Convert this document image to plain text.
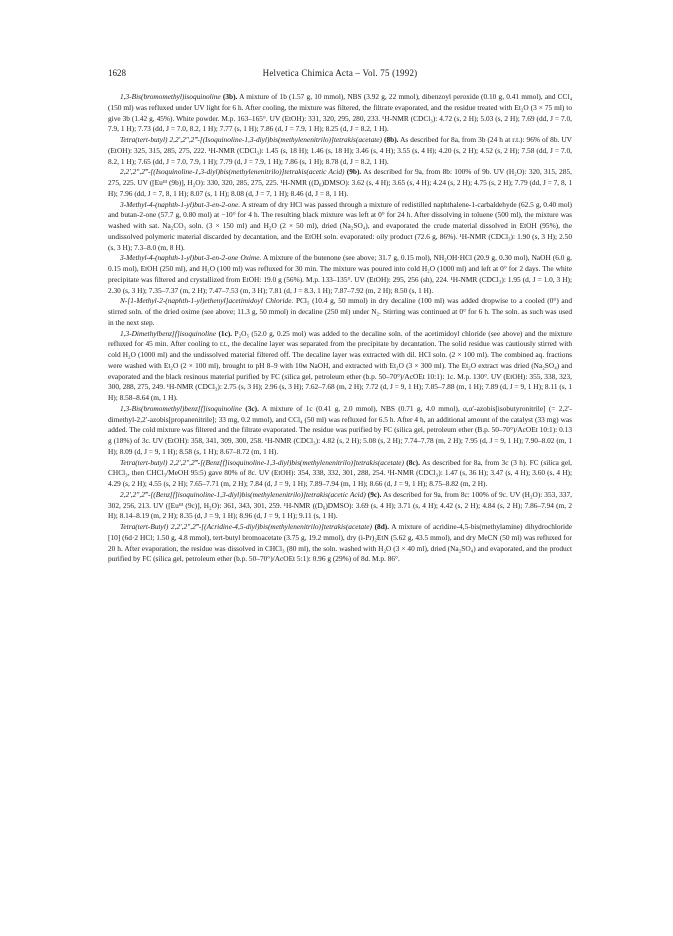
1628	Helvetica Chimica Acta – Vol. 75 (1992)

1,3-Bis(bromomethyl)isoquinoline (3b). A mixture of 1b (1.57 g, 10 mmol), NBS (3.92 g, 22 mmol), dibenzoyl peroxide (0.10 g, 0.41 mmol), and CCl₄ (150 ml) was refluxed under UV light for 6 h. After cooling, the mixture was filtered, the filtrate evaporated, and the residue treated with Et₂O (3 × 75 ml) to give 3b (1.42 g, 45%). White powder. M.p. 163–165°. UV (EtOH): 331, 320, 295, 280, 233. ¹H-NMR (CDCl₃): 4.72 (s, 2 H); 5.03 (s, 2 H); 7.69 (dd, J = 7.0, 7.9, 1 H); 7.73 (dd, J = 7.0, 8.2, 1 H); 7.77 (s, 1 H); 7.86 (d, J = 7.9, 1 H); 8.25 (d, J = 8.2, 1 H).

Tetra(tert-butyl) 2,2′,2″,2‴-[(Isoquinoline-1,3-diyl)bis(methylenenitrilo)]tetrakis(acetate) (8b). As described for 8a, from 3b (24 h at r.t.): 96% of 8b. UV (EtOH): 325, 315, 285, 275, 222. ¹H-NMR (CDCl₃): 1.45 (s, 18 H); 1.46 (s, 18 H); 3.46 (s, 4 H); 3.55 (s, 4 H); 4.20 (s, 2 H); 4.52 (s, 2 H); 7.58 (dd, J = 7.0, 8.2, 1 H); 7.65 (dd, J = 7.0, 7.9, 1 H); 7.79 (d, J = 7.9, 1 H); 7.86 (s, 1 H); 8.78 (d, J = 8.2, 1 H).

2,2′,2″,2‴-[(Isoquinoline-1,3-diyl)bis(methylenenitrilo)]tetrakis(acetic Acid) (9b). As described for 9a, from 8b: 100% of 9b. UV (H₂O): 320, 315, 285, 275, 225. UV ([Euᴵᴵᴵ (9b)], H₂O): 330, 320, 285, 275, 225. ¹H-NMR ((D₆)DMSO): 3.62 (s, 4 H); 3.65 (s, 4 H); 4.24 (s, 2 H); 4.75 (s, 2 H); 7.79 (dd, J = 7, 8, 1 H); 7.96 (dd, J = 7, 8, 1 H); 8.07 (s, 1 H); 8.08 (d, J = 7, 1 H); 8.46 (d, J = 8, 1 H).

3-Methyl-4-(naphth-1-yl)but-3-en-2-one. A stream of dry HCl was passed through a mixture of redistilled naphthalene-1-carbaldehyde (62.5 g, 0.40 mol) and butan-2-one (57.7 g, 0.80 mol) at −10° for 4 h. The resulting black mixture was left at 0° for 24 h. After dissolving in toluene (500 ml), the mixture was washed with sat. Na₂CO₃ soln. (3 × 150 ml) and H₂O (2 × 50 ml), dried (Na₂SO₄), and evaporated the crude material dissolved in EtOH (95%), the undissolved polymeric material discarded by decantation, and the EtOH soln. evaporated: oily product (72.6 g, 86%). ¹H-NMR (CDCl₃): 1.90 (s, 3 H); 2.50 (s, 3 H); 7.3–8.0 (m, 8 H).

3-Methyl-4-(naphth-1-yl)but-3-en-2-one Oxime. A mixture of the butenone (see above; 31.7 g, 0.15 mol), NH₂OH·HCl (20.9 g, 0.30 mol), NaOH (6.0 g, 0.15 mol), EtOH (250 ml), and H₂O (100 ml) was refluxed for 30 min. The mixture was poured into cold H₂O (1000 ml) and left at 0° for 2 days. The white precipitate was filtered and crystallized from EtOH: 19.0 g (56%). M.p. 133–135°. UV (EtOH): 295, 256 (sh), 224. ¹H-NMR (CDCl₃): 1.95 (d, J = 1.0, 3 H); 2.30 (s, 3 H); 7.35–7.37 (m, 2 H); 7.47–7.53 (m, 3 H); 7.81 (d, J = 8.3, 1 H); 7.87–7.92 (m, 2 H); 8.50 (s, 1 H).

N-[1-Methyl-2-(naphth-1-yl)ethenyl]acetimidoyl Chloride. PCl₅ (10.4 g, 50 mmol) in dry decaline (100 ml) was added dropwise to a cooled (0°) and stirred soln. of the dried oxime (see above; 11.3 g, 50 mmol) in decaline (250 ml) under N₂. Stirring was continued at 0° for 6 h. The soln. as such was used in the next step.

1,3-Dimethylbenz[f]isoquinoline (1c). P₂O₅ (52.0 g, 0.25 mol) was added to the decaline soln. of the acetimidoyl chloride (see above) and the mixture refluxed for 45 min. After cooling to r.t., the decaline layer was separated from the precipitate by decantation. The solid residue was cautiously stirred with cold H₂O (1000 ml) and the undissolved material filtered off. The decaline layer was extracted with dil. HCl soln. (2 × 100 ml). The combined aq. fractions were washed with Et₂O (2 × 100 ml), brought to pH 8–9 with 10ᴍ NaOH, and extracted with Et₂O (3 × 300 ml). The Et₂O extract was dried (Na₂SO₄) and evaporated and the black resinous material purified by FC (silica gel, petroleum ether (b.p. 50–70°)/AcOEt 10:1): 1c. M.p. 130°. UV (EtOH): 355, 338, 323, 300, 288, 275, 249. ¹H-NMR (CDCl₃): 2.75 (s, 3 H); 2.96 (s, 3 H); 7.62–7.68 (m, 2 H); 7.72 (d, J = 9, 1 H); 7.85–7.88 (m, 1 H); 7.89 (d, J = 9, 1 H); 8.11 (s, 1 H); 8.58–8.64 (m, 1 H).

1,3-Bis(bromomethyl)benz[f]isoquinoline (3c). A mixture of 1c (0.41 g, 2.0 mmol), NBS (0.71 g, 4.0 mmol), α,α′-azobis[isobutyronitrile] (= 2,2′-dimethyl-2,2′-azobis[propanenitrile]; 33 mg, 0.2 mmol), and CCl₄ (50 ml) was refluxed for 6.5 h. After 4 h, an additional amount of the catalyst (33 mg) was added. The cold mixture was filtered and the filtrate evaporated. The residue was purified by FC (silica gel, petroleum ether (B.p. 50–70°)/AcOEt 10:1): 0.13 g (18%) of 3c. UV (EtOH): 358, 341, 309, 300, 258. ¹H-NMR (CDCl₃): 4.82 (s, 2 H); 5.08 (s, 2 H); 7.74–7.78 (m, 2 H); 7.95 (d, J = 9, 1 H); 7.90–8.02 (m, 1 H); 8.09 (d, J = 9, 1 H); 8.58 (s, 1 H); 8.67–8.72 (m, 1 H).

Tetra(tert-butyl) 2,2′,2″,2‴-[(Benz[f]isoquinoline-1,3-diyl)bis(methylenenitrilo)]tetrakis(acetate) (8c). As described for 8a, from 3c (3 h). FC (silica gel, CHCl₃, then CHCl₃/MeOH 95:5) gave 80% of 8c. UV (EtOH): 354, 338, 332, 301, 288, 254. ¹H-NMR (CDCl₃): 1.47 (s, 36 H); 3.47 (s, 4 H); 3.60 (s, 4 H); 4.29 (s, 2 H); 4.55 (s, 2 H); 7.65–7.71 (m, 2 H); 7.84 (d, J = 9, 1 H); 7.89–7.94 (m, 1 H); 8.66 (d, J = 9, 1 H); 8.75–8.82 (m, 2 H).

2,2′,2″,2‴-[(Benz[f]isoquinoline-1,3-diyl)bis(methylenenitrilo)]tetrakis(acetic Acid) (9c). As described for 9a, from 8c: 100% of 9c. UV (H₂O): 353, 337, 302, 256, 213. UV ([Euᴵᴵᴵ (9c)], H₂O): 361, 343, 301, 259. ¹H-NMR ((D₆)DMSO): 3.69 (s, 4 H); 3.71 (s, 4 H); 4.42 (s, 2 H); 4.84 (s, 2 H); 7.86–7.94 (m, 2 H); 8.14–8.19 (m, 2 H); 8.35 (d, J = 9, 1 H); 8.96 (d, J = 9, 1 H); 9.11 (s, 1 H).

Tetra(tert-Butyl) 2,2′,2″,2‴-[(Acridine-4,5-diyl)bis(methylenenitrilo)]tetrakis(acetate) (8d). A mixture of acridine-4,5-bis(methylamine) dihydrochloride [10] (6d·2 HCl; 1.50 g, 4.8 mmol), tert-butyl bromoacetate (3.75 g, 19.2 mmol), dry (i-Pr)₂EtN (5.62 g, 43.5 mmol), and dry MeCN (50 ml) was refluxed for 20 h. After evaporation, the residue was dissolved in CHCl₃ (80 ml), the soln. washed with H₂O (3 × 40 ml), dried (Na₂SO₄) and evaporated, and the product purified by FC (silica gel, petroleum ether (b.p. 50–70°)/AcOEt 5:1): 0.96 g (29%) of 8d. M.p. 86°.
